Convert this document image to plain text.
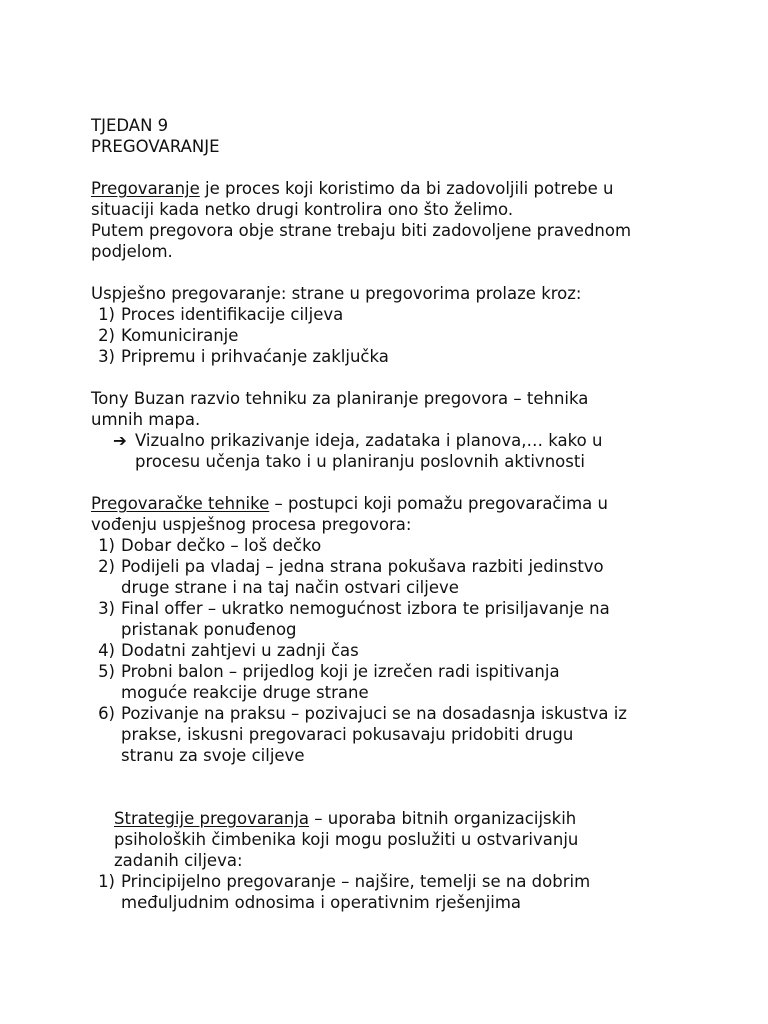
TJEDAN 9
PREGOVARANJE
Pregovaranje je proces koji koristimo da bi zadovoljili potrebe u
situaciji kada netko drugi kontrolira ono što želimo.
Putem pregovora obje strane trebaju biti zadovoljene pravednom
podjelom.
Uspješno pregovaranje: strane u pregovorima prolaze kroz:
1) Proces identifikacije ciljeva
2) Komuniciranje
3) Pripremu i prihvaćanje zaključka
Tony Buzan razvio tehniku za planiranje pregovora – tehnika
umnih mapa.
➔ Vizualno prikazivanje ideja, zadataka i planova,… kako u
procesu učenja tako i u planiranju poslovnih aktivnosti
Pregovaračke tehnike – postupci koji pomažu pregovaračima u
vođenju uspješnog procesa pregovora:
1) Dobar dečko – loš dečko
2) Podijeli pa vladaj – jedna strana pokušava razbiti jedinstvo
druge strane i na taj način ostvari ciljeve
3) Final offer – ukratko nemogućnost izbora te prisiljavanje na
pristanak ponuđenog
4) Dodatni zahtjevi u zadnji čas
5) Probni balon – prijedlog koji je izrečen radi ispitivanja
moguće reakcije druge strane
6) Pozivanje na praksu – pozivajuci se na dosadasnja iskustva iz
prakse, iskusni pregovaraci pokusavaju pridobiti drugu
stranu za svoje ciljeve
Strategije pregovaranja – uporaba bitnih organizacijskih
psiholoških čimbenika koji mogu poslužiti u ostvarivanju
zadanih ciljeva:
1) Principijelno pregovaranje – najšire, temelji se na dobrim
međuljudnim odnosima i operativnim rješenjima
